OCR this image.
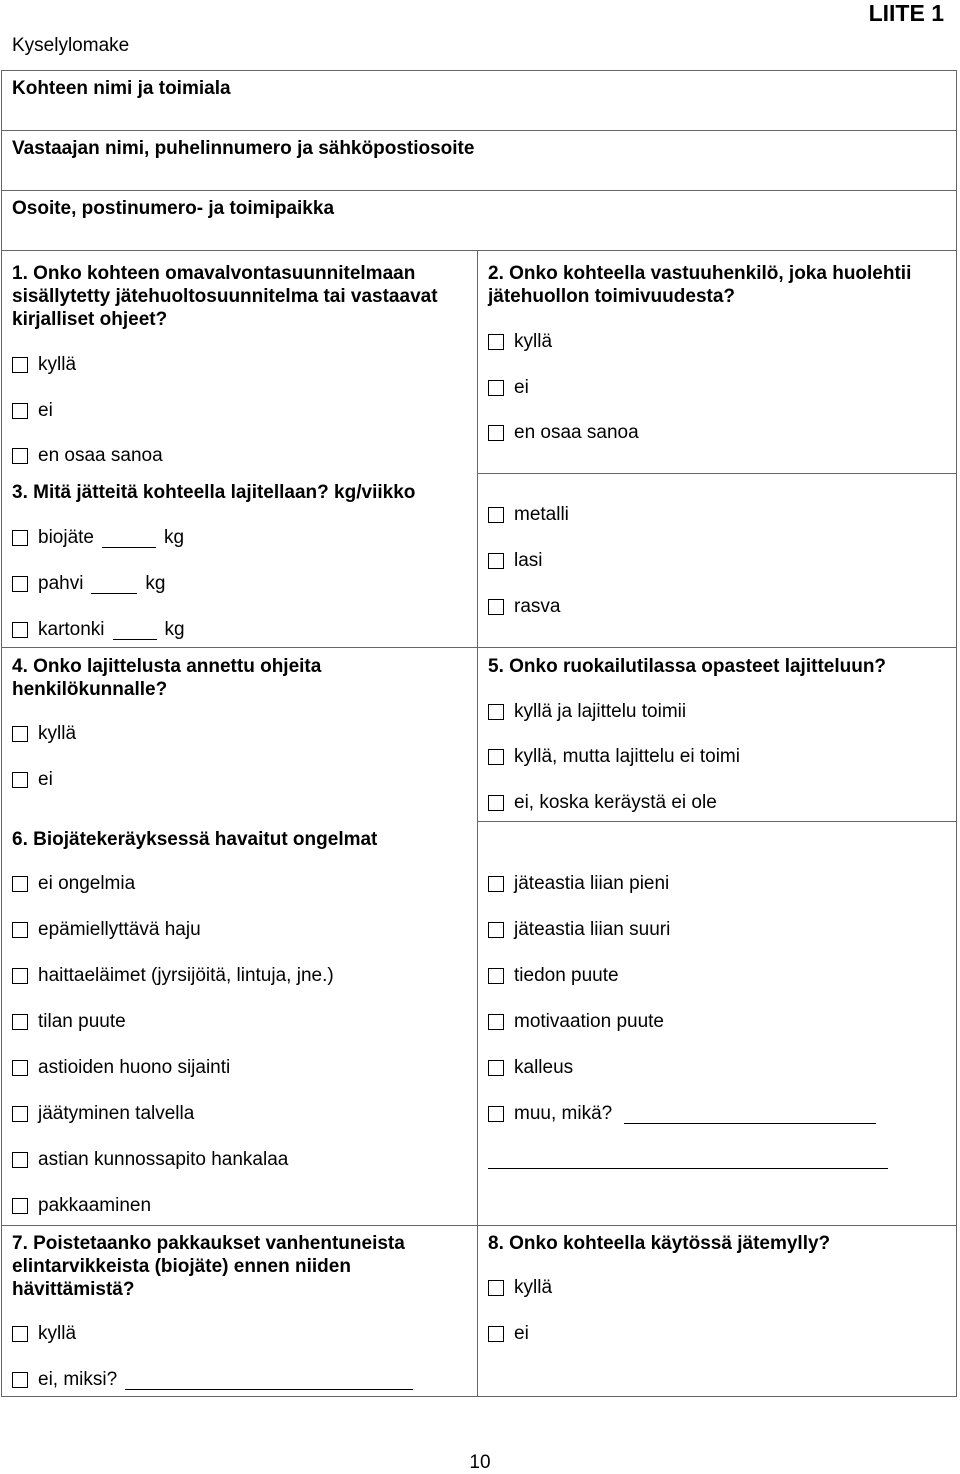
Kyselylomake
LIITE 1
Kohteen nimi ja toimiala
Vastaajan nimi, puhelinnumero ja sähköpostiosoite
Osoite, postinumero- ja toimipaikka
1. Onko kohteen omavalvontasuunnitelmaan sisällytetty jätehuoltosuunnitelma tai vastaavat kirjalliset ohjeet?
kyllä
ei
en osaa sanoa
2. Onko kohteella vastuuhenkilö, joka huolehtii jätehuollon toimivuudesta?
kyllä
ei
en osaa sanoa
3. Mitä jätteitä kohteella lajitellaan? kg/viikko
biojäte	kg
pahvi	kg
kartonki	kg
metalli
lasi
rasva
4. Onko lajittelusta annettu ohjeita henkilökunnalle?
kyllä
ei
5. Onko ruokailutilassa opasteet lajitteluun?
kyllä ja lajittelu toimii
kyllä, mutta lajittelu ei toimi
ei, koska keräystä ei ole
6. Biojätekeräyksessä havaitut ongelmat
ei ongelmia
epämiellyttävä haju
haittaeläimet (jyrsijöitä, lintuja, jne.)
tilan puute
astioiden huono sijainti
jäätyminen talvella
astian kunnossapito hankalaa
pakkaaminen
jäteastia liian pieni
jäteastia liian suuri
tiedon puute
motivaation puute
kalleus
muu, mikä?
7. Poistetaanko pakkaukset vanhentuneista elintarvikkeista (biojäte) ennen niiden hävittämistä?
kyllä
ei, miksi?
8. Onko kohteella käytössä jätemylly?
kyllä
ei
10
